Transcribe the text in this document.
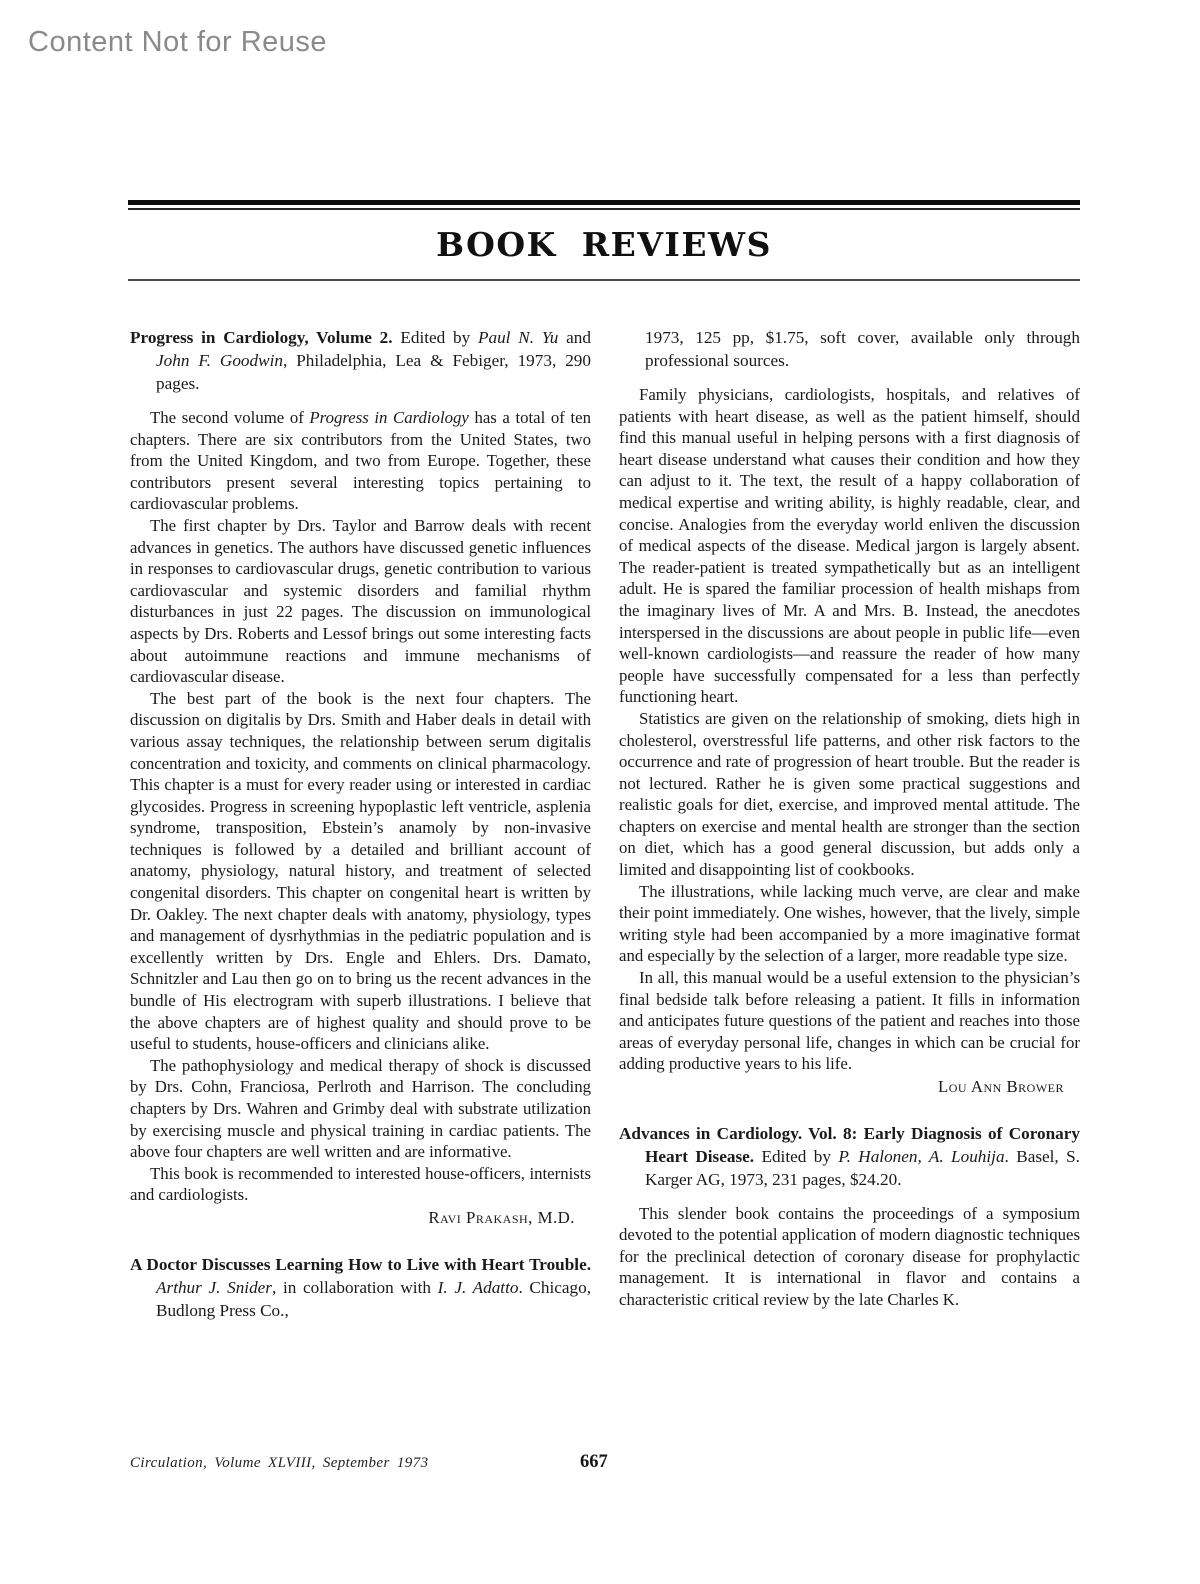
Content Not for Reuse
BOOK REVIEWS

Progress in Cardiology, Volume 2. Edited by Paul N. Yu and John F. Goodwin, Philadelphia, Lea & Febiger, 1973, 290 pages.

The second volume of Progress in Cardiology has a total of ten chapters. There are six contributors from the United States, two from the United Kingdom, and two from Europe. Together, these contributors present several interesting topics pertaining to cardiovascular problems.

The first chapter by Drs. Taylor and Barrow deals with recent advances in genetics. The authors have discussed genetic influences in responses to cardiovascular drugs, genetic contribution to various cardiovascular and systemic disorders and familial rhythm disturbances in just 22 pages. The discussion on immunological aspects by Drs. Roberts and Lessof brings out some interesting facts about autoimmune reactions and immune mechanisms of cardiovascular disease.

The best part of the book is the next four chapters. The discussion on digitalis by Drs. Smith and Haber deals in detail with various assay techniques, the relationship between serum digitalis concentration and toxicity, and comments on clinical pharmacology. This chapter is a must for every reader using or interested in cardiac glycosides. Progress in screening hypoplastic left ventricle, asplenia syndrome, transposition, Ebstein’s anamoly by non-invasive techniques is followed by a detailed and brilliant account of anatomy, physiology, natural history, and treatment of selected congenital disorders. This chapter on congenital heart is written by Dr. Oakley. The next chapter deals with anatomy, physiology, types and management of dysrhythmias in the pediatric population and is excellently written by Drs. Engle and Ehlers. Drs. Damato, Schnitzler and Lau then go on to bring us the recent advances in the bundle of His electrogram with superb illustrations. I believe that the above chapters are of highest quality and should prove to be useful to students, house-officers and clinicians alike.

The pathophysiology and medical therapy of shock is discussed by Drs. Cohn, Franciosa, Perlroth and Harrison. The concluding chapters by Drs. Wahren and Grimby deal with substrate utilization by exercising muscle and physical training in cardiac patients. The above four chapters are well written and are informative.

This book is recommended to interested house-officers, internists and cardiologists.

Ravi Prakash, M.D.

A Doctor Discusses Learning How to Live with Heart Trouble. Arthur J. Snider, in collaboration with I. J. Adatto. Chicago, Budlong Press Co.,

1973, 125 pp, $1.75, soft cover, available only through professional sources.

Family physicians, cardiologists, hospitals, and relatives of patients with heart disease, as well as the patient himself, should find this manual useful in helping persons with a first diagnosis of heart disease understand what causes their condition and how they can adjust to it. The text, the result of a happy collaboration of medical expertise and writing ability, is highly readable, clear, and concise. Analogies from the everyday world enliven the discussion of medical aspects of the disease. Medical jargon is largely absent. The reader-patient is treated sympathetically but as an intelligent adult. He is spared the familiar procession of health mishaps from the imaginary lives of Mr. A and Mrs. B. Instead, the anecdotes interspersed in the discussions are about people in public life—even well-known cardiologists—and reassure the reader of how many people have successfully compensated for a less than perfectly functioning heart.

Statistics are given on the relationship of smoking, diets high in cholesterol, overstressful life patterns, and other risk factors to the occurrence and rate of progression of heart trouble. But the reader is not lectured. Rather he is given some practical suggestions and realistic goals for diet, exercise, and improved mental attitude. The chapters on exercise and mental health are stronger than the section on diet, which has a good general discussion, but adds only a limited and disappointing list of cookbooks.

The illustrations, while lacking much verve, are clear and make their point immediately. One wishes, however, that the lively, simple writing style had been accompanied by a more imaginative format and especially by the selection of a larger, more readable type size.

In all, this manual would be a useful extension to the physician’s final bedside talk before releasing a patient. It fills in information and anticipates future questions of the patient and reaches into those areas of everyday personal life, changes in which can be crucial for adding productive years to his life.

Lou Ann Brower

Advances in Cardiology. Vol. 8: Early Diagnosis of Coronary Heart Disease. Edited by P. Halonen, A. Louhija. Basel, S. Karger AG, 1973, 231 pages, $24.20.

This slender book contains the proceedings of a symposium devoted to the potential application of modern diagnostic techniques for the preclinical detection of coronary disease for prophylactic management. It is international in flavor and contains a characteristic critical review by the late Charles K.

Circulation, Volume XLVIII, September 1973	667
